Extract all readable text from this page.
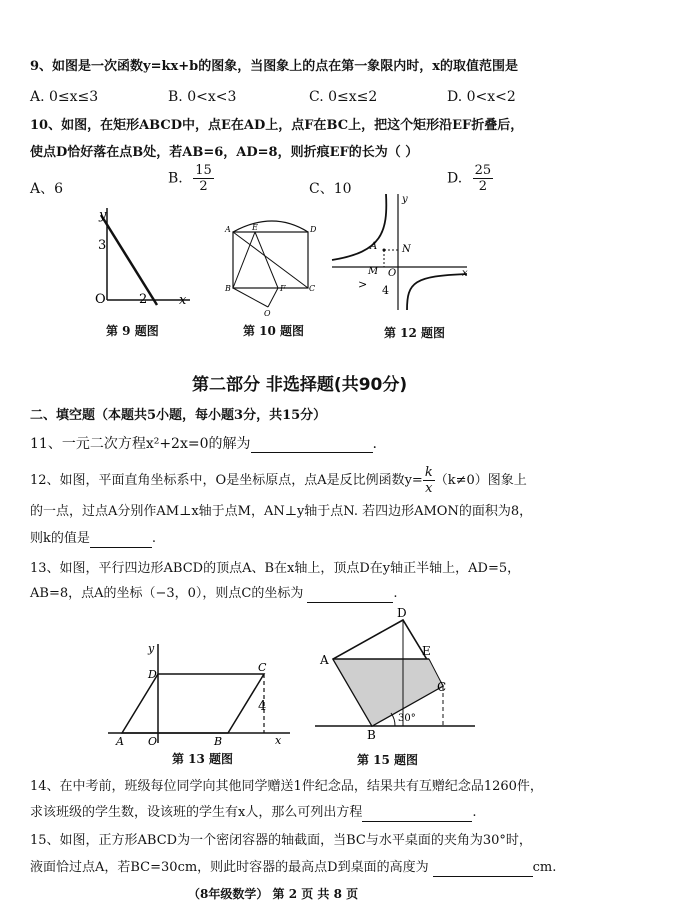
9、如图是一次函数y=kx+b的图象，当图象上的点在第一象限内时，x的取值范围是
A. 0≤x≤3	B. 0<x<3	C. 0≤x≤2	D. 0<x<2
10、如图，在矩形ABCD中，点E在AD上，点F在BC上，把这个矩形沿EF折叠后，
使点D恰好落在点B处，若AB=6，AD=8，则折痕EF的长为（ ）
A、6
B. $\frac{15}{2}$	C、10
D. $\frac{25}{2}$
y
x
O
3
2
第 9 题图
A	E	D
B	F	C
O
第 10 题图
y
A N
M O	x
> 4
第 12 题图
第二部分 非选择题(共90分)
二、填空题（本题共5小题，每小题3分，共15分）
11、一元二次方程x²+2x=0的解为	.
12、如图，平面直角坐标系中，O是坐标原点，点A是反比例函数$y= \frac{k}{x} (k\ne 0)$图象上
的一点，过点A分别作AM⊥x轴于点M，AN⊥y轴于点N. 若四边形AMON的面积为8，
则k的值是	.
13、如图，平行四边形ABCD的顶点A、B在x轴上，顶点D在y轴正半轴上，AD=5，
AB=8，点A的坐标（−3，0），则点C的坐标为	.
y
D
C
A O	B	x
4
第 13 题图
D
A
E
C
B
30°
第 15 题图
14、在中考前，班级每位同学向其他同学赠送1件纪念品，结果共有互赠纪念品1260件，
求该班级的学生数，设该班的学生有x人，那么可列出方程	.
15、如图，正方形ABCD为一个密闭容器的轴截面，当BC与水平桌面的夹角为30°时，
液面恰过点A，若BC=30cm，则此时容器的最高点D到桌面的高度为	cm.
（8年级数学） 第 2 页 共 8 页
